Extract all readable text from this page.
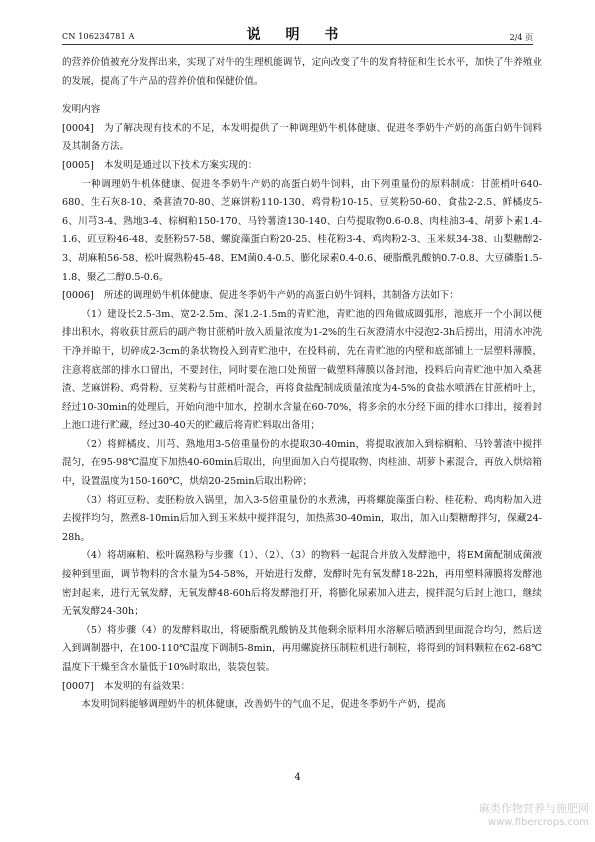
CN 106234781 A	说 明 书	2/4 页

的营养价值被充分发挥出来，实现了对牛的生理机能调节，定向改变了牛的发育特征和生长水平，加快了牛养殖业的发展，提高了牛产品的营养价值和保健价值。

发明内容

[0004] 为了解决现有技术的不足，本发明提供了一种调理奶牛机体健康、促进冬季奶牛产奶的高蛋白奶牛饲料及其制备方法。

[0005] 本发明是通过以下技术方案实现的：

一种调理奶牛机体健康、促进冬季奶牛产奶的高蛋白奶牛饲料，由下列重量份的原料制成：甘蔗梢叶640-680、生石灰8-10、桑葚渣70-80、芝麻饼粉110-130、鸡骨粉10-15、豆荚粉50-60、食盐2-2.5、鲜橘皮5-6、川芎3-4、熟地3-4、棕榈粕150-170、马铃薯渣130-140、白芍提取物0.6-0.8、肉桂油3-4、胡萝卜素1.4-1.6、豇豆粉46-48、麦胚粉57-58、螺旋藻蛋白粉20-25、桂花粉3-4、鸡肉粉2-3、玉米麸34-38、山梨糖醇2-3、胡麻粕56-58、松叶腐熟粉45-48、EM菌0.4-0.5、膨化尿素0.4-0.6、硬脂酰乳酸钠0.7-0.8、大豆磷脂1.5-1.8、聚乙二醇0.5-0.6。

[0006] 所述的调理奶牛机体健康、促进冬季奶牛产奶的高蛋白奶牛饲料，其制备方法如下：

（1）建设长2.5-3m、宽2-2.5m、深1.2-1.5m的青贮池，青贮池的四角做成圆弧形，池底开一个小洞以便排出积水，将收获甘蔗后的副产物甘蔗梢叶放入质量浓度为1-2%的生石灰澄清水中浸泡2-3h后捞出，用清水冲洗干净并晾干，切碎成2-3cm的条状物投入到青贮池中，在投料前，先在青贮池的内壁和底部铺上一层塑料薄膜，注意将底部的排水口留出，不要封住，同时要在池口处预留一截塑料薄膜以备封池，投料后向青贮池中加入桑葚渣、芝麻饼粉、鸡骨粉、豆荚粉与甘蔗梢叶混合，再将食盐配制成质量浓度为4-5%的食盐水喷洒在甘蔗梢叶上，经过10-30min的处理后，开始向池中加水，控制水含量在60-70%，将多余的水分经下面的排水口排出，接着封上池口进行贮藏，经过30-40天的贮藏后将青贮料取出备用；

（2）将鲜橘皮、川芎、熟地用3-5倍重量份的水提取30-40min，将提取液加入到棕榈粕、马铃薯渣中搅拌混匀，在95-98℃温度下加热40-60min后取出，向里面加入白芍提取物、肉桂油、胡萝卜素混合，再放入烘焙箱中，设置温度为150-160℃，烘焙20-25min后取出粉碎；

（3）将豇豆粉、麦胚粉放入锅里，加入3-5倍重量份的水煮沸，再将螺旋藻蛋白粉、桂花粉、鸡肉粉加入进去搅拌均匀，熬煮8-10min后加入到玉米麸中搅拌混匀，加热蒸30-40min，取出，加入山梨糖醇拌匀，保藏24-28h。

（4）将胡麻粕、松叶腐熟粉与步骤（1）、（2）、（3）的物料一起混合并放入发酵池中，将EM菌配制成菌液接种到里面，调节物料的含水量为54-58%，开始进行发酵，发酵时先有氧发酵18-22h，再用塑料薄膜将发酵池密封起来，进行无氧发酵，无氧发酵48-60h后将发酵池打开，将膨化尿素加入进去，搅拌混匀后封上池口，继续无氧发酵24-30h；

（5）将步骤（4）的发酵料取出，将硬脂酰乳酸钠及其他剩余原料用水溶解后喷洒到里面混合均匀，然后送入到调制器中，在100-110℃温度下调制5-8min，再用螺旋挤压制粒机进行制粒，将得到的饲料颗粒在62-68℃温度下干燥至含水量低于10%时取出，装袋包装。

[0007] 本发明的有益效果：

本发明饲料能够调理奶牛的机体健康，改善奶牛的气血不足，促进冬季奶牛产奶，提高

4
麻类作物营养与施肥网
www.fibercrops.com
